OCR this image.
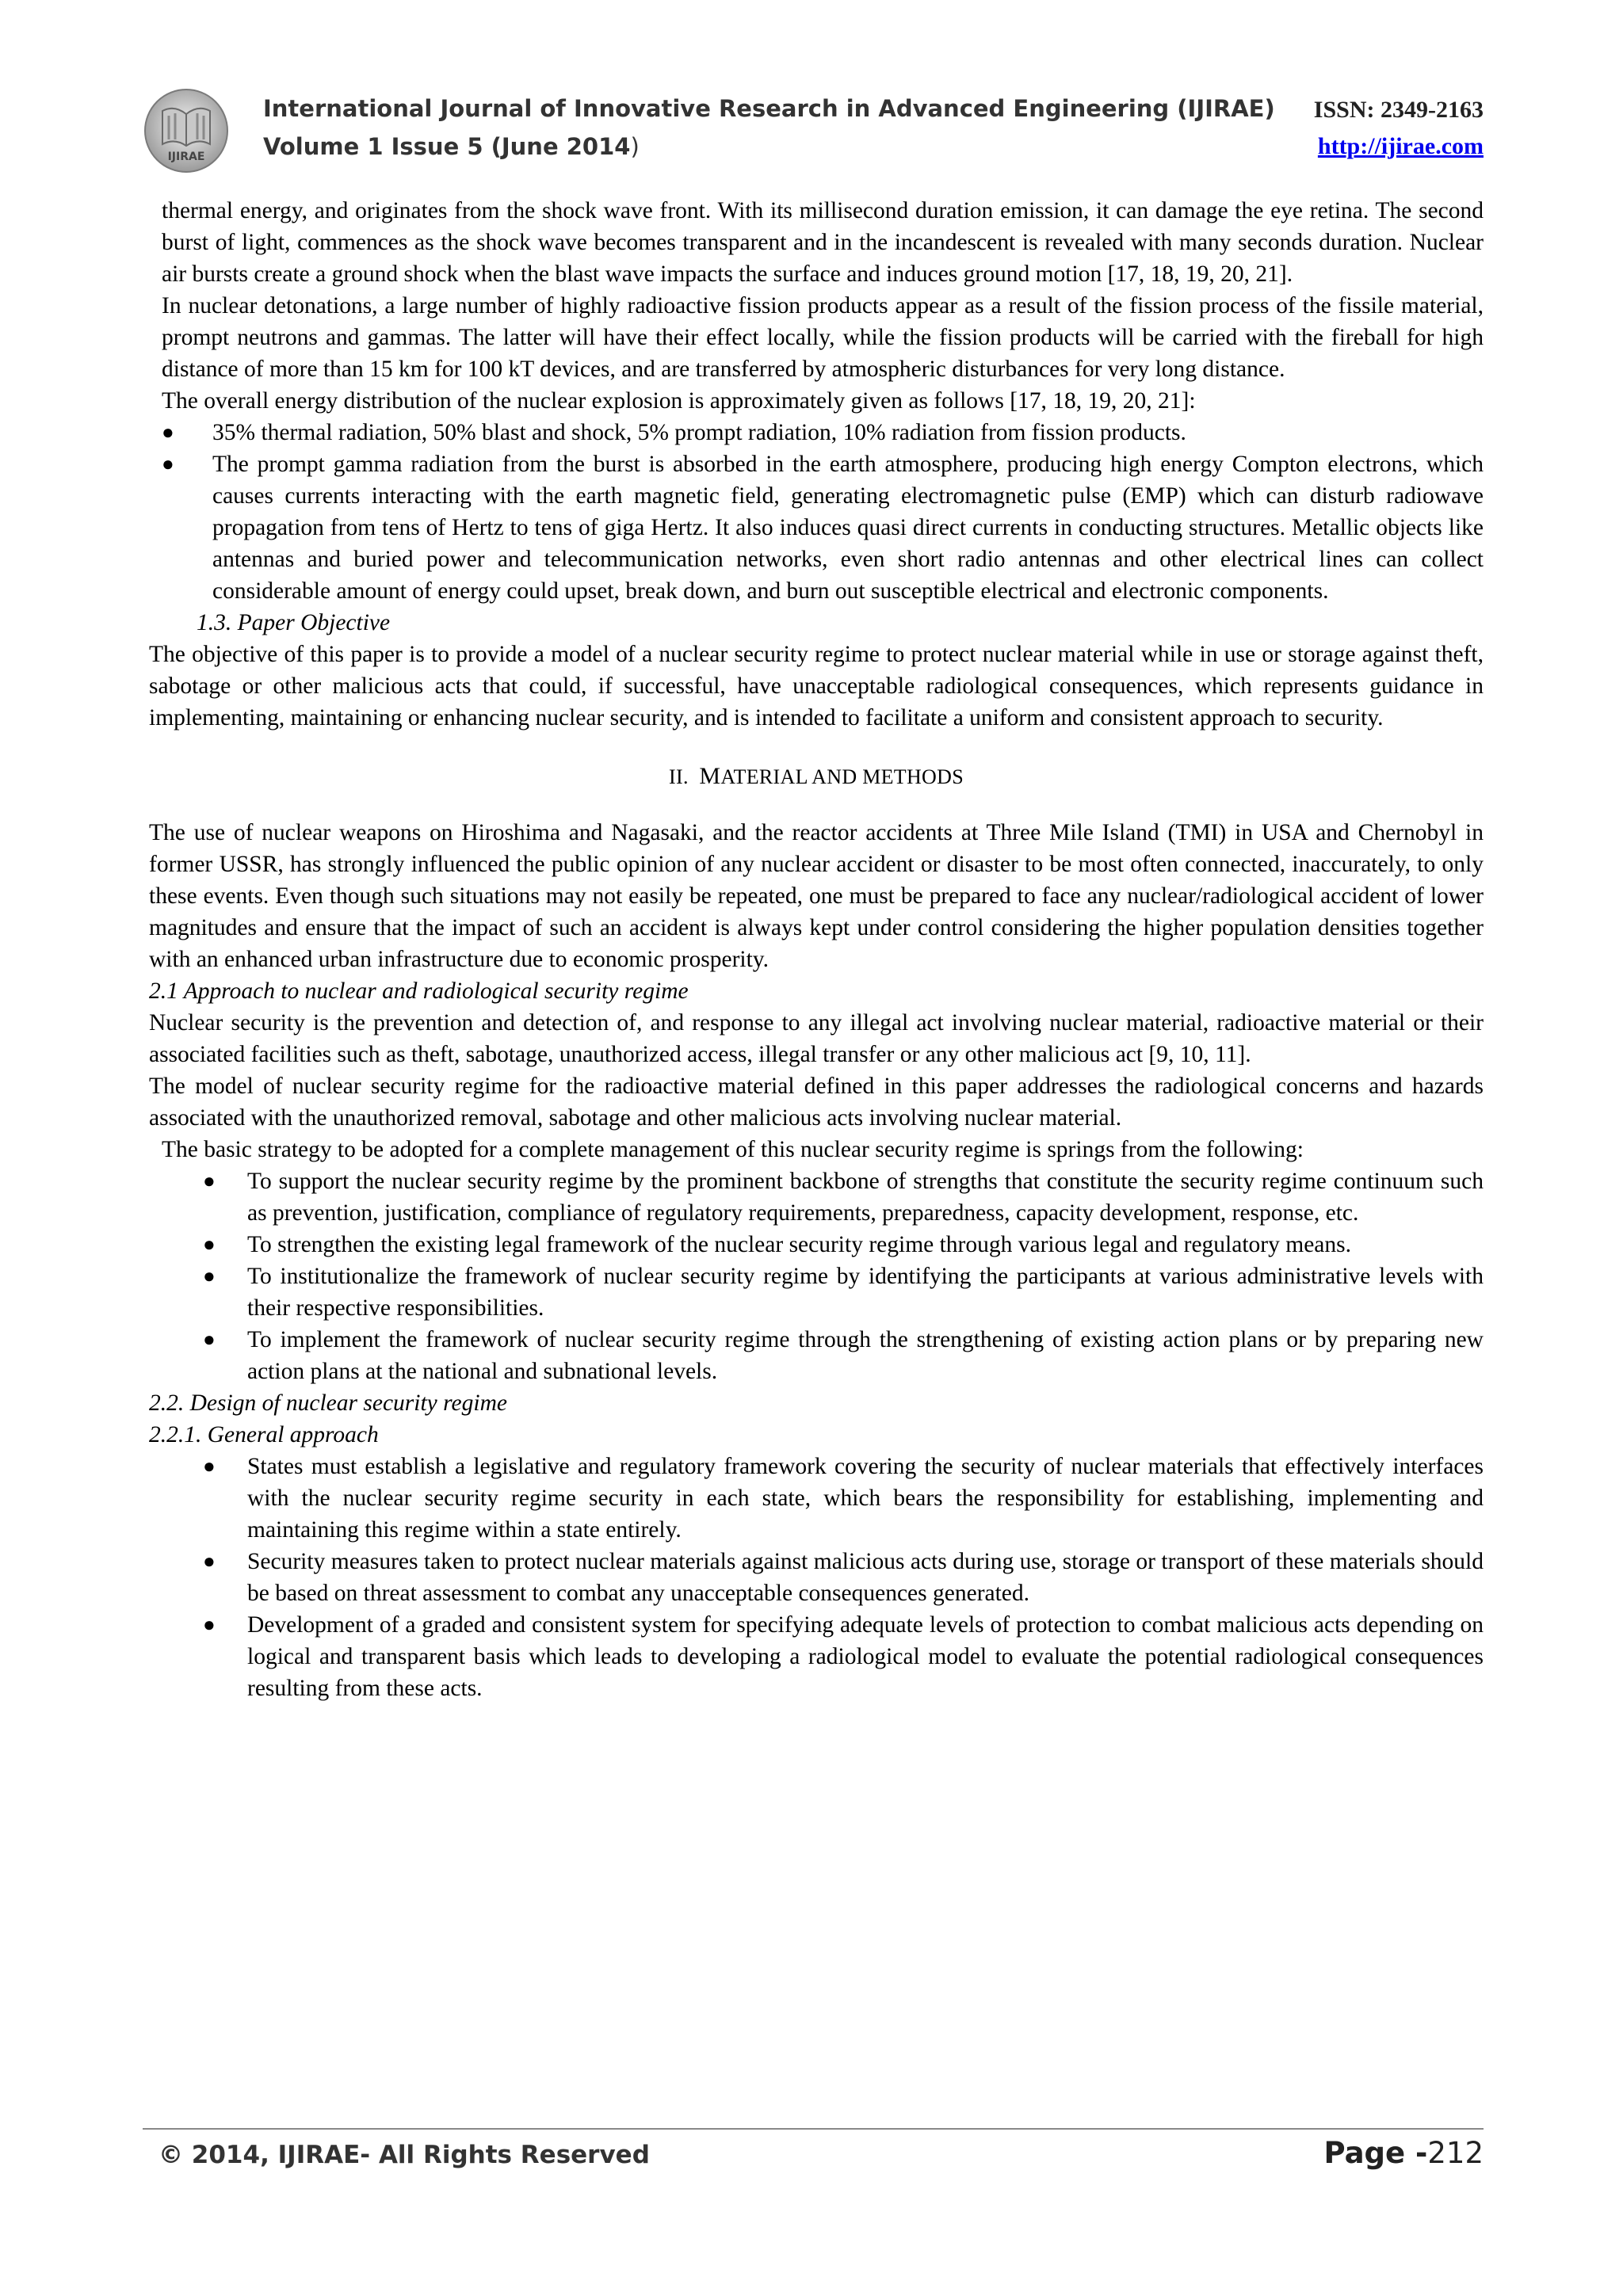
IJIRAE
International Journal of Innovative Research in Advanced Engineering (IJIRAE)
Volume 1 Issue 5 (June 2014)
ISSN: 2349-2163
http://ijirae.com

thermal energy, and originates from the shock wave front. With its millisecond duration emission, it can damage the eye retina. The second burst of light, commences as the shock wave becomes transparent and in the incandescent is revealed with many seconds duration. Nuclear air bursts create a ground shock when the blast wave impacts the surface and induces ground motion [17, 18, 19, 20, 21].

In nuclear detonations, a large number of highly radioactive fission products appear as a result of the fission process of the fissile material, prompt neutrons and gammas. The latter will have their effect locally, while the fission products will be carried with the fireball for high distance of more than 15 km for 100 kT devices, and are transferred by atmospheric disturbances for very long distance.

The overall energy distribution of the nuclear explosion is approximately given as follows [17, 18, 19, 20, 21]:

● 35% thermal radiation, 50% blast and shock, 5% prompt radiation, 10% radiation from fission products.
● The prompt gamma radiation from the burst is absorbed in the earth atmosphere, producing high energy Compton electrons, which causes currents interacting with the earth magnetic field, generating electromagnetic pulse (EMP) which can disturb radiowave propagation from tens of Hertz to tens of giga Hertz. It also induces quasi direct currents in conducting structures. Metallic objects like antennas and buried power and telecommunication networks, even short radio antennas and other electrical lines can collect considerable amount of energy could upset, break down, and burn out susceptible electrical and electronic components.

1.3. Paper Objective

The objective of this paper is to provide a model of a nuclear security regime to protect nuclear material while in use or storage against theft, sabotage or other malicious acts that could, if successful, have unacceptable radiological consequences, which represents guidance in implementing, maintaining or enhancing nuclear security, and is intended to facilitate a uniform and consistent approach to security.

II. MATERIAL AND METHODS

The use of nuclear weapons on Hiroshima and Nagasaki, and the reactor accidents at Three Mile Island (TMI) in USA and Chernobyl in former USSR, has strongly influenced the public opinion of any nuclear accident or disaster to be most often connected, inaccurately, to only these events. Even though such situations may not easily be repeated, one must be prepared to face any nuclear/radiological accident of lower magnitudes and ensure that the impact of such an accident is always kept under control considering the higher population densities together with an enhanced urban infrastructure due to economic prosperity.

2.1 Approach to nuclear and radiological security regime

Nuclear security is the prevention and detection of, and response to any illegal act involving nuclear material, radioactive material or their associated facilities such as theft, sabotage, unauthorized access, illegal transfer or any other malicious act [9, 10, 11].

The model of nuclear security regime for the radioactive material defined in this paper addresses the radiological concerns and hazards associated with the unauthorized removal, sabotage and other malicious acts involving nuclear material.

The basic strategy to be adopted for a complete management of this nuclear security regime is springs from the following:

● To support the nuclear security regime by the prominent backbone of strengths that constitute the security regime continuum such as prevention, justification, compliance of regulatory requirements, preparedness, capacity development, response, etc.
● To strengthen the existing legal framework of the nuclear security regime through various legal and regulatory means.
● To institutionalize the framework of nuclear security regime by identifying the participants at various administrative levels with their respective responsibilities.
● To implement the framework of nuclear security regime through the strengthening of existing action plans or by preparing new action plans at the national and subnational levels.

2.2. Design of nuclear security regime

2.2.1. General approach

● States must establish a legislative and regulatory framework covering the security of nuclear materials that effectively interfaces with the nuclear security regime security in each state, which bears the responsibility for establishing, implementing and maintaining this regime within a state entirely.
● Security measures taken to protect nuclear materials against malicious acts during use, storage or transport of these materials should be based on threat assessment to combat any unacceptable consequences generated.
● Development of a graded and consistent system for specifying adequate levels of protection to combat malicious acts depending on logical and transparent basis which leads to developing a radiological model to evaluate the potential radiological consequences resulting from these acts.
© 2014, IJIRAE- All Rights Reserved	Page -212
